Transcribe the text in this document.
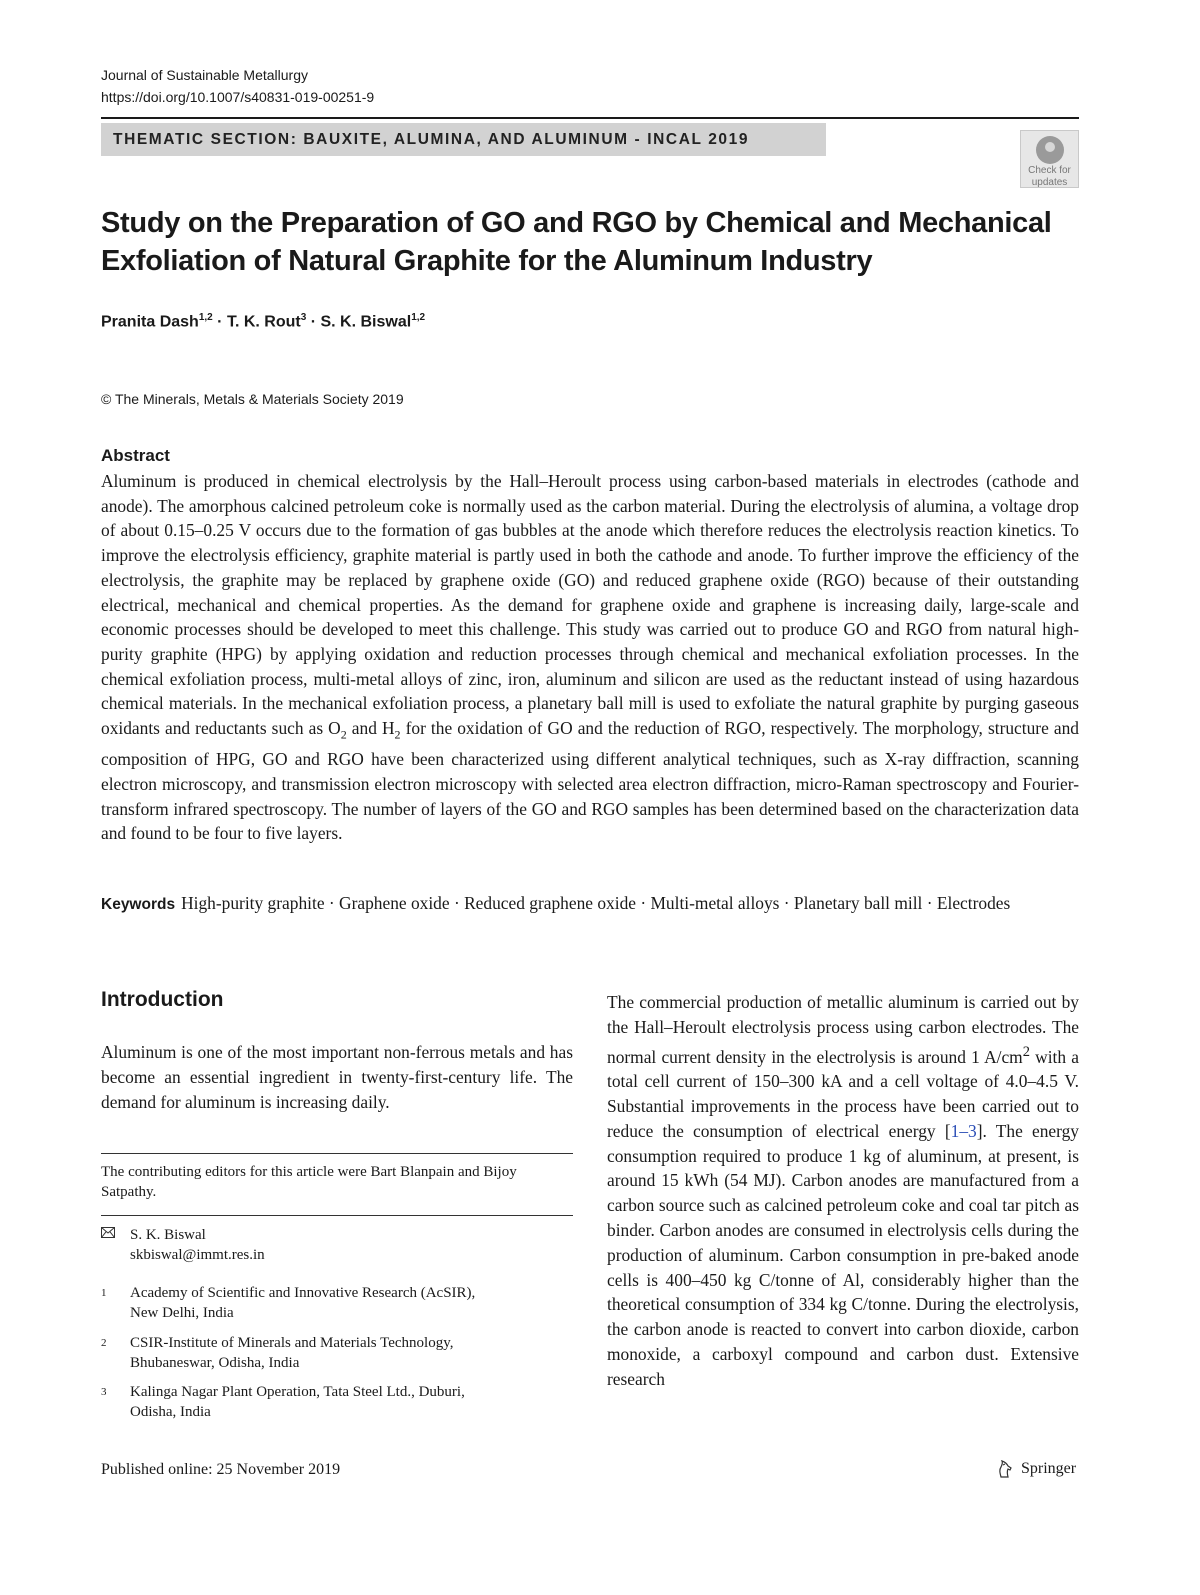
Journal of Sustainable Metallurgy
https://doi.org/10.1007/s40831-019-00251-9
THEMATIC SECTION: BAUXITE, ALUMINA, AND ALUMINUM - INCAL 2019
Check for
updates
Study on the Preparation of GO and RGO by Chemical and Mechanical Exfoliation of Natural Graphite for the Aluminum Industry
Pranita Dash$^{1,2}$ · T. K. Rout$^3$ · S. K. Biswal$^{1,2}$
© The Minerals, Metals & Materials Society 2019
Abstract
Aluminum is produced in chemical electrolysis by the Hall–Heroult process using carbon-based materials in electrodes (cathode and anode). The amorphous calcined petroleum coke is normally used as the carbon material. During the electrolysis of alumina, a voltage drop of about 0.15–0.25 V occurs due to the formation of gas bubbles at the anode which therefore reduces the electrolysis reaction kinetics. To improve the electrolysis efficiency, graphite material is partly used in both the cathode and anode. To further improve the efficiency of the electrolysis, the graphite may be replaced by graphene oxide (GO) and reduced graphene oxide (RGO) because of their outstanding electrical, mechanical and chemical properties. As the demand for graphene oxide and graphene is increasing daily, large-scale and economic processes should be developed to meet this challenge. This study was carried out to produce GO and RGO from natural high-purity graphite (HPG) by applying oxidation and reduction processes through chemical and mechanical exfoliation processes. In the chemical exfoliation process, multi-metal alloys of zinc, iron, aluminum and silicon are used as the reductant instead of using hazardous chemical materials. In the mechanical exfoliation process, a planetary ball mill is used to exfoliate the natural graphite by purging gaseous oxidants and reductants such as $O_2$ and $H_2$ for the oxidation of GO and the reduction of RGO, respectively. The morphology, structure and composition of HPG, GO and RGO have been characterized using different analytical techniques, such as X-ray diffraction, scanning electron microscopy, and transmission electron microscopy with selected area electron diffraction, micro-Raman spectroscopy and Fourier-transform infrared spectroscopy. The number of layers of the GO and RGO samples has been determined based on the characterization data and found to be four to five layers.
Keywords High-purity graphite · Graphene oxide · Reduced graphene oxide · Multi-metal alloys · Planetary ball mill · Electrodes
Introduction
Aluminum is one of the most important non-ferrous metals and has become an essential ingredient in twenty-first-century life. The demand for aluminum is increasing daily.
The contributing editors for this article were Bart Blanpain and Bijoy Satpathy.
S. K. Biswal
skbiswal@immt.res.in
1	Academy of Scientific and Innovative Research (AcSIR),
New Delhi, India
2	CSIR-Institute of Minerals and Materials Technology,
Bhubaneswar, Odisha, India
3	Kalinga Nagar Plant Operation, Tata Steel Ltd., Duburi,
Odisha, India
The commercial production of metallic aluminum is carried out by the Hall–Heroult electrolysis process using carbon electrodes. The normal current density in the electrolysis is around 1 $A/cm^2$ with a total cell current of 150–300 kA and a cell voltage of 4.0–4.5 V. Substantial improvements in the process have been carried out to reduce the consumption of electrical energy [1–3]. The energy consumption required to produce 1 kg of aluminum, at present, is around 15 kWh (54 MJ). Carbon anodes are manufactured from a carbon source such as calcined petroleum coke and coal tar pitch as binder. Carbon anodes are consumed in electrolysis cells during the production of aluminum. Carbon consumption in pre-baked anode cells is 400–450 kg C/tonne of Al, considerably higher than the theoretical consumption of 334 kg C/tonne. During the electrolysis, the carbon anode is reacted to convert into carbon dioxide, carbon monoxide, a carboxyl compound and carbon dust. Extensive research
Published online: 25 November 2019	Springer
